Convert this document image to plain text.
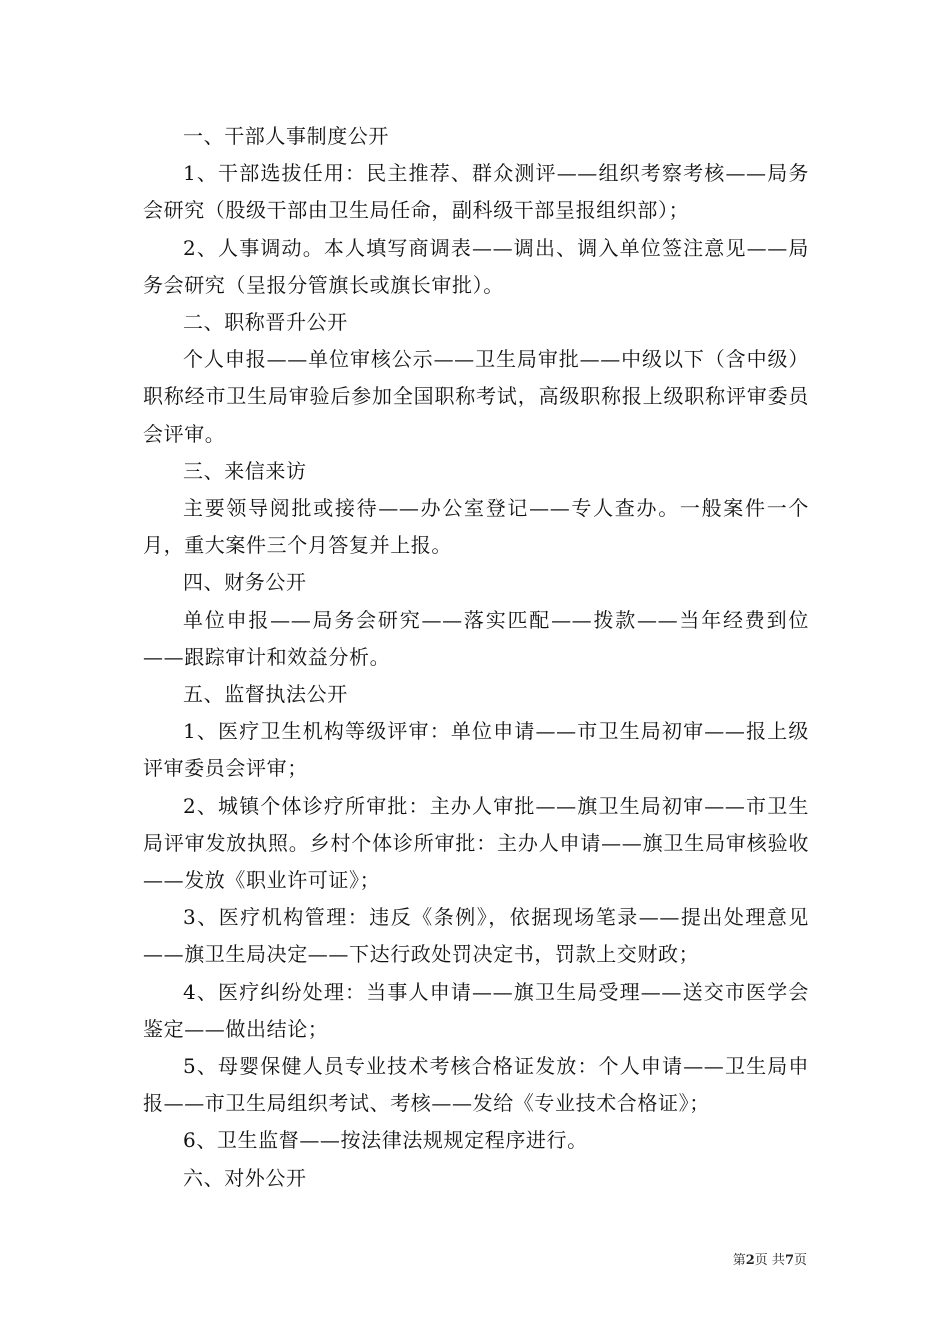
一、干部人事制度公开

1、干部选拔任用：民主推荐、群众测评——组织考察考核——局务会研究（股级干部由卫生局任命，副科级干部呈报组织部）；

2、人事调动。本人填写商调表——调出、调入单位签注意见——局务会研究（呈报分管旗长或旗长审批）。

二、职称晋升公开

个人申报——单位审核公示——卫生局审批——中级以下（含中级）职称经市卫生局审验后参加全国职称考试，高级职称报上级职称评审委员会评审。

三、来信来访

主要领导阅批或接待——办公室登记——专人查办。一般案件一个月，重大案件三个月答复并上报。

四、财务公开

单位申报——局务会研究——落实匹配——拨款——当年经费到位——跟踪审计和效益分析。

五、监督执法公开

1、医疗卫生机构等级评审：单位申请——市卫生局初审——报上级评审委员会评审；

2、城镇个体诊疗所审批：主办人审批——旗卫生局初审——市卫生局评审发放执照。乡村个体诊所审批：主办人申请——旗卫生局审核验收——发放《职业许可证》；

3、医疗机构管理：违反《条例》，依据现场笔录——提出处理意见——旗卫生局决定——下达行政处罚决定书，罚款上交财政；

4、医疗纠纷处理：当事人申请——旗卫生局受理——送交市医学会鉴定——做出结论；

5、母婴保健人员专业技术考核合格证发放：个人申请——卫生局申报——市卫生局组织考试、考核——发给《专业技术合格证》；

6、卫生监督——按法律法规规定程序进行。

六、对外公开

第2页 共7页
